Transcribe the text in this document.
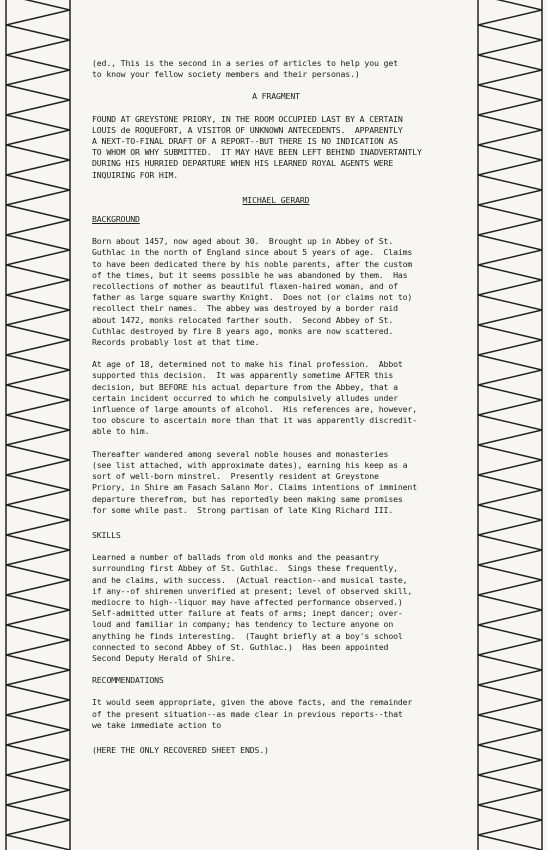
(ed., This is the second in a series of articles to help you get
to know your fellow society members and their personas.)

A FRAGMENT

FOUND AT GREYSTONE PRIORY, IN THE ROOM OCCUPIED LAST BY A CERTAIN
LOUIS de ROQUEFORT, A VISITOR OF UNKNOWN ANTECEDENTS.  APPARENTLY
A NEXT-TO-FINAL DRAFT OF A REPORT--BUT THERE IS NO INDICATION AS
TO WHOM OR WHY SUBMITTED.  IT MAY HAVE BEEN LEFT BEHIND INADVERTANTLY
DURING HIS HURRIED DEPARTURE WHEN HIS LEARNED ROYAL AGENTS WERE
INQUIRING FOR HIM.

MICHAEL GERARD

BACKGROUND

Born about 1457, now aged about 30.  Brought up in Abbey of St.
Guthlac in the north of England since about 5 years of age.  Claims
to have been dedicated there by his noble parents, after the custom
of the times, but it seems possible he was abandoned by them.  Has
recollections of mother as beautiful flaxen-haired woman, and of
father as large square swarthy Knight.  Does not (or claims not to)
recollect their names.  The abbey was destroyed by a border raid
about 1472, monks relocated farther south.  Second Abbey of St.
Cuthlac destroyed by fire 8 years ago, monks are now scattered.
Records probably lost at that time.

At age of 18, determined not to make his final profession.  Abbot
supported this decision.  It was apparently sometime AFTER this
decision, but BEFORE his actual departure from the Abbey, that a
certain incident occurred to which he compulsively alludes under
influence of large amounts of alcohol.  His references are, however,
too obscure to ascertain more than that it was apparently discredit-
able to him.

Thereafter wandered among several noble houses and monasteries
(see list attached, with approximate dates), earning his keep as a
sort of well-born minstrel.  Presently resident at Greystone
Priory, in Shire am Fasach Salann Mor. Claims intentions of imminent
departure therefrom, but has reportedly been making same promises
for some while past.  Strong partisan of late King Richard III.

SKILLS

Learned a number of ballads from old monks and the peasantry
surrounding first Abbey of St. Guthlac.  Sings these frequently,
and he claims, with success.  (Actual reaction--and musical taste,
if any--of shiremen unverified at present; level of observed skill,
mediocre to high--liquor may have affected performance observed.)
Self-admitted utter failure at feats of arms; inept dancer; over-
loud and familiar in company; has tendency to lecture anyone on
anything he finds interesting.  (Taught briefly at a boy's school
connected to second Abbey of St. Guthlac.)  Has been appointed
Second Deputy Herald of Shire.

RECOMMENDATIONS

It would seem appropriate, given the above facts, and the remainder
of the present situation--as made clear in previous reports--that
we take immediate action to

(HERE THE ONLY RECOVERED SHEET ENDS.)
